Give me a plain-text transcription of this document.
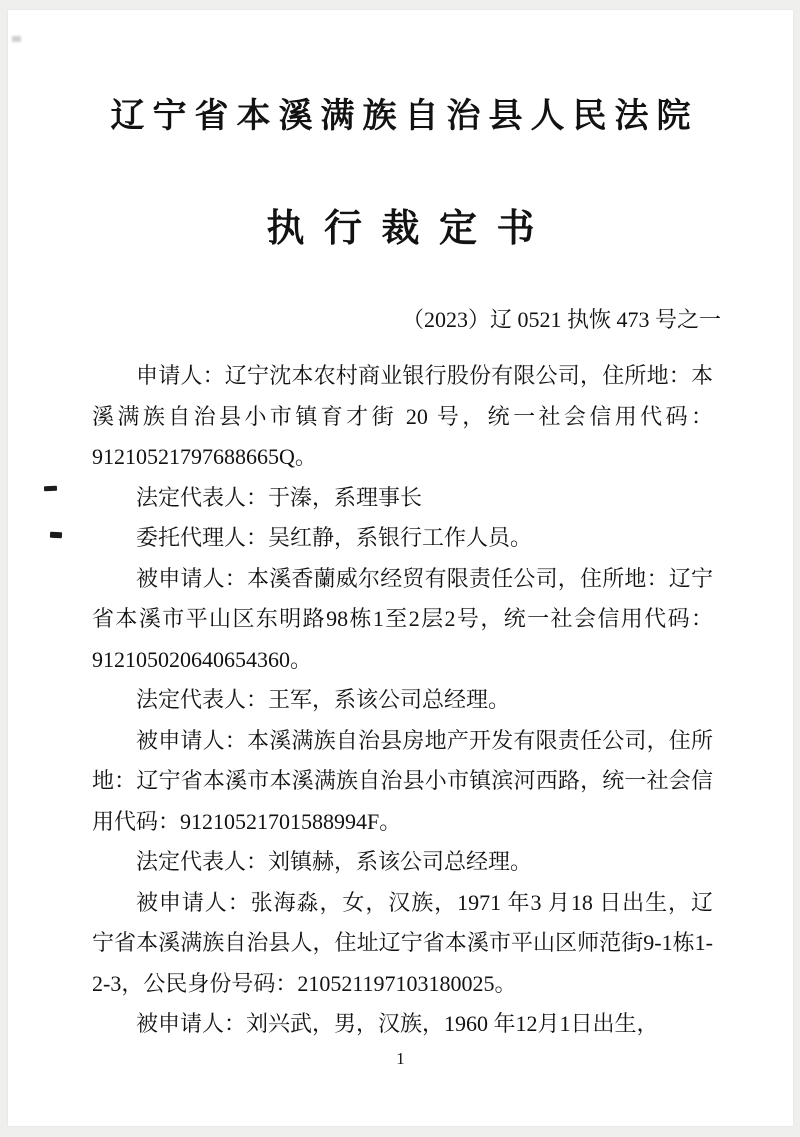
辽宁省本溪满族自治县人民法院
执 行 裁 定 书
（2023）辽 0521 执恢 473 号之一

申请人：辽宁沈本农村商业银行股份有限公司，住所地：本溪满族自治县小市镇育才街 20 号，统一社会信用代码：91210521797688665Q。

法定代表人：于溱，系理事长

委托代理人：吴红静，系银行工作人员。

被申请人：本溪香蘭威尔经贸有限责任公司，住所地：辽宁省本溪市平山区东明路98栋1至2层2号，统一社会信用代码：912105020640654360。

法定代表人：王军，系该公司总经理。

被申请人：本溪满族自治县房地产开发有限责任公司，住所地：辽宁省本溪市本溪满族自治县小市镇滨河西路，统一社会信用代码：91210521701588994F。

法定代表人：刘镇赫，系该公司总经理。

被申请人：张海淼，女，汉族，1971 年3 月18 日出生，辽宁省本溪满族自治县人，住址辽宁省本溪市平山区师范街9-1栋1-2-3，公民身份号码：210521197103180025。

被申请人：刘兴武，男，汉族，1960 年12月1日出生，

1
